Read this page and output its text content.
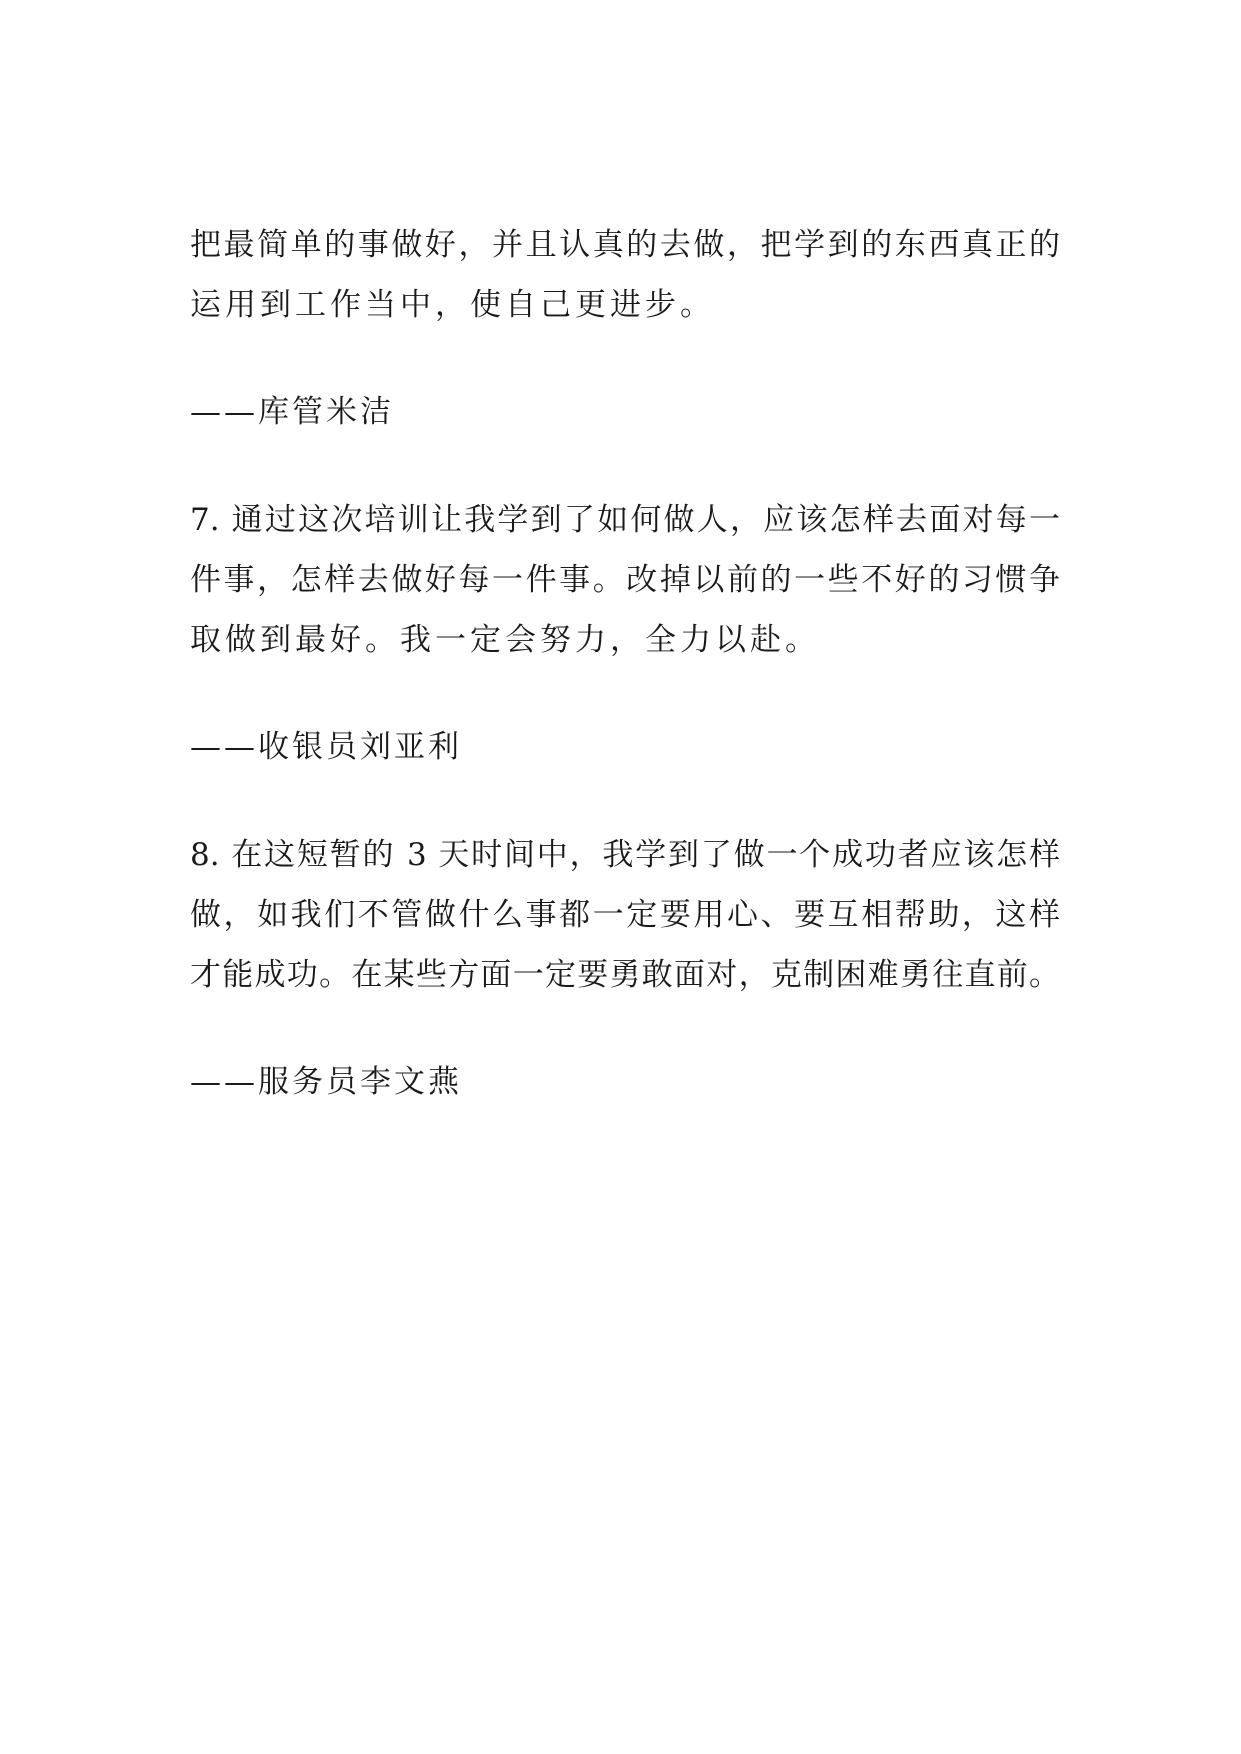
把最简单的事做好，并且认真的去做，把学到的东西真正的
运用到工作当中，使自己更进步。
——库管米洁
7. 通过这次培训让我学到了如何做人，应该怎样去面对每一
件事，怎样去做好每一件事。改掉以前的一些不好的习惯争
取做到最好。我一定会努力，全力以赴。
——收银员刘亚利
8. 在这短暂的 3 天时间中，我学到了做一个成功者应该怎样
做，如我们不管做什么事都一定要用心、要互相帮助，这样
才能成功。在某些方面一定要勇敢面对，克制困难勇往直前。
——服务员李文燕
